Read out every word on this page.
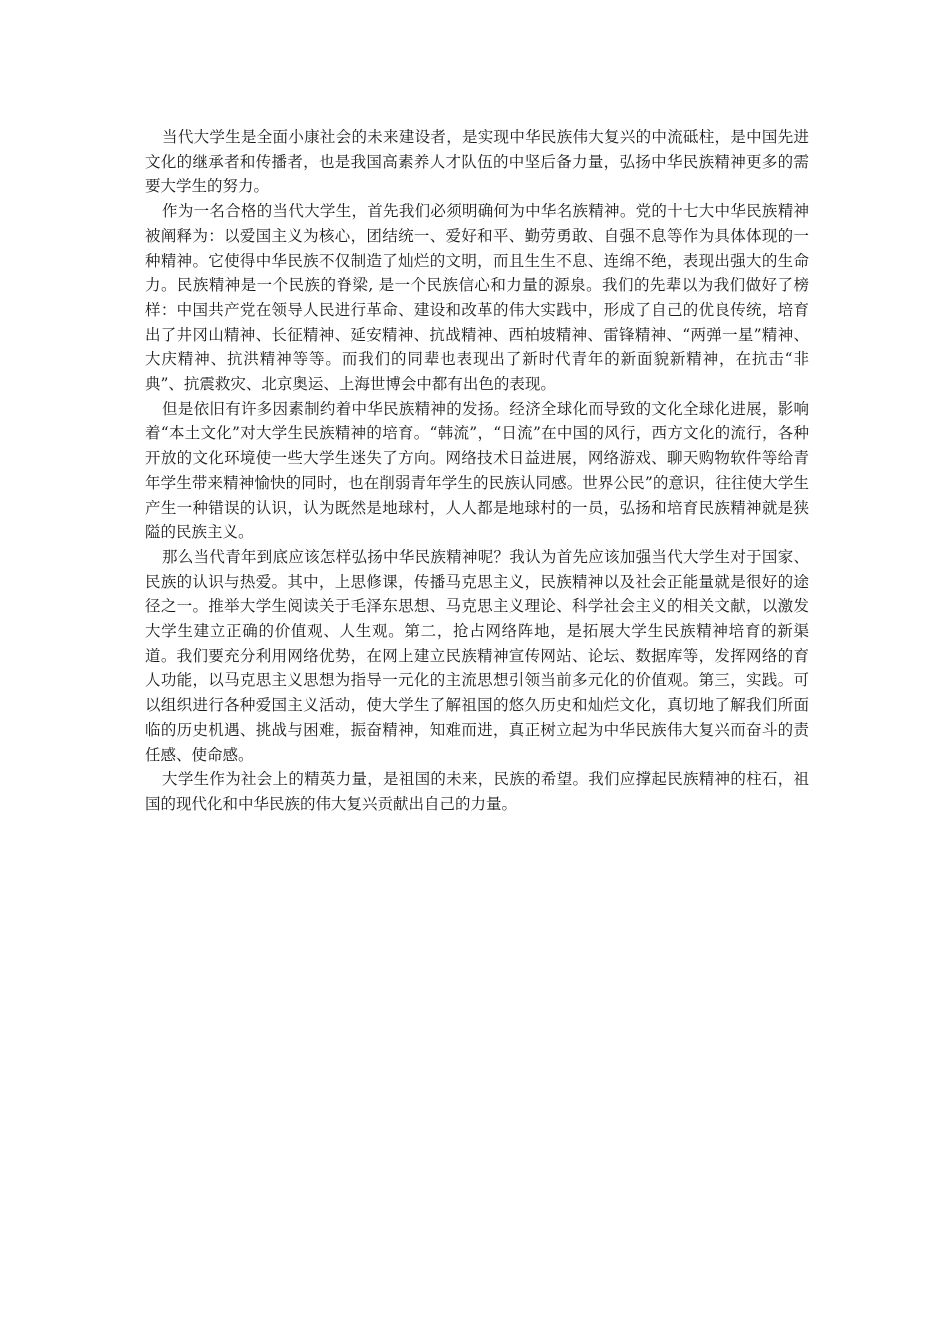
当代大学生是全面小康社会的未来建设者，是实现中华民族伟大复兴的中流砥柱，是中国先进文化的继承者和传播者，也是我国高素养人才队伍的中坚后备力量，弘扬中华民族精神更多的需要大学生的努力。

作为一名合格的当代大学生，首先我们必须明确何为中华名族精神。党的十七大中华民族精神被阐释为：以爱国主义为核心，团结统一、爱好和平、勤劳勇敢、自强不息等作为具体体现的一种精神。它使得中华民族不仅制造了灿烂的文明，而且生生不息、连绵不绝，表现出强大的生命力。民族精神是一个民族的脊梁, 是一个民族信心和力量的源泉。我们的先辈以为我们做好了榜样：中国共产党在领导人民进行革命、建设和改革的伟大实践中，形成了自己的优良传统，培育出了井冈山精神、长征精神、延安精神、抗战精神、西柏坡精神、雷锋精神、“两弹一星”精神、大庆精神、抗洪精神等等。而我们的同辈也表现出了新时代青年的新面貌新精神，在抗击“非典”、抗震救灾、北京奥运、上海世博会中都有出色的表现。

但是依旧有许多因素制约着中华民族精神的发扬。经济全球化而导致的文化全球化进展，影响着“本土文化”对大学生民族精神的培育。“韩流”，“日流”在中国的风行，西方文化的流行，各种开放的文化环境使一些大学生迷失了方向。网络技术日益进展，网络游戏、聊天购物软件等给青年学生带来精神愉快的同时，也在削弱青年学生的民族认同感。世界公民”的意识，往往使大学生产生一种错误的认识，认为既然是地球村，人人都是地球村的一员，弘扬和培育民族精神就是狭隘的民族主义。

那么当代青年到底应该怎样弘扬中华民族精神呢？我认为首先应该加强当代大学生对于国家、民族的认识与热爱。其中，上思修课，传播马克思主义，民族精神以及社会正能量就是很好的途径之一。推举大学生阅读关于毛泽东思想、马克思主义理论、科学社会主义的相关文献，以激发大学生建立正确的价值观、人生观。第二，抢占网络阵地，是拓展大学生民族精神培育的新渠道。我们要充分利用网络优势，在网上建立民族精神宣传网站、论坛、数据库等，发挥网络的育人功能，以马克思主义思想为指导一元化的主流思想引领当前多元化的价值观。第三，实践。可以组织进行各种爱国主义活动，使大学生了解祖国的悠久历史和灿烂文化，真切地了解我们所面临的历史机遇、挑战与困难，振奋精神，知难而进，真正树立起为中华民族伟大复兴而奋斗的责任感、使命感。

大学生作为社会上的精英力量，是祖国的未来，民族的希望。我们应撑起民族精神的柱石，祖国的现代化和中华民族的伟大复兴贡献出自己的力量。
